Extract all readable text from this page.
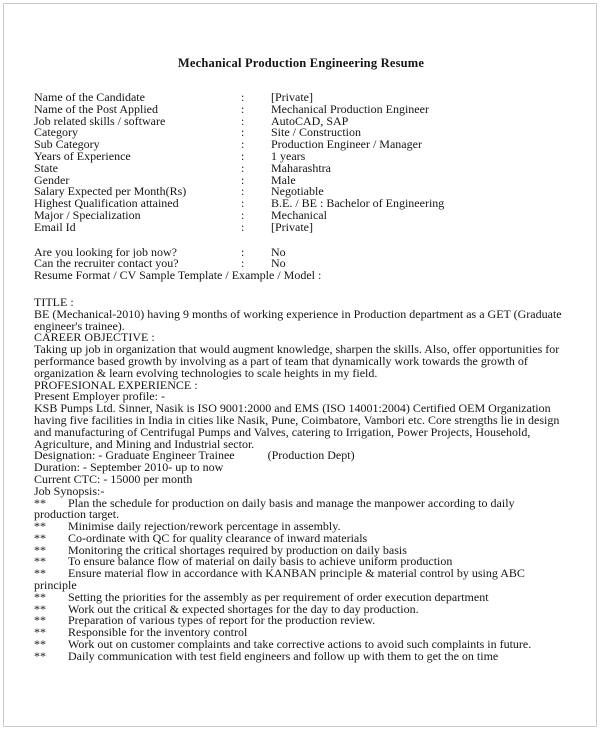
Mechanical Production Engineering Resume
Name of the Candidate	:	[Private]
Name of the Post Applied	:	Mechanical Production Engineer
Job related skills / software	:	AutoCAD, SAP
Category	:	Site / Construction
Sub Category	:	Production Engineer / Manager
Years of Experience	:	1 years
State	:	Maharashtra
Gender	:	Male
Salary Expected per Month(Rs)	:	Negotiable
Highest Qualification attained	:	B.E. / BE : Bachelor of Engineering
Major / Specialization	:	Mechanical
Email Id	:	[Private]
Are you looking for job now?	:	No
Can the recruiter contact you?	:	No
Resume Format / CV Sample Template / Example / Model :
TITLE :
BE (Mechanical-2010) having 9 months of working experience in Production department as a GET (Graduate engineer's trainee).
CAREER OBJECTIVE :
Taking up job in organization that would augment knowledge, sharpen the skills. Also, offer opportunities for performance based growth by involving as a part of team that dynamically work towards the growth of organization & learn evolving technologies to scale heights in my field.
PROFESIONAL EXPERIENCE :
Present Employer profile: -
KSB Pumps Ltd. Sinner, Nasik is ISO 9001:2000 and EMS (ISO 14001:2004) Certified OEM Organization having five facilities in India in cities like Nasik, Pune, Coimbatore, Vambori etc. Core strengths lie in design and manufacturing of Centrifugal Pumps and Valves, catering to Irrigation, Power Projects, Household, Agriculture, and Mining and Industrial sector.
Designation: - Graduate Engineer Trainee           (Production Dept)
Duration: - September 2010- up to now
Current CTC: - 15000 per month
Job Synopsis:-
** Plan the schedule for production on daily basis and manage the manpower according to daily production target.
** Minimise daily rejection/rework percentage in assembly.
** Co-ordinate with QC for quality clearance of inward materials
** Monitoring the critical shortages required by production on daily basis
** To ensure balance flow of material on daily basis to achieve uniform production
** Ensure material flow in accordance with KANBAN principle & material control by using ABC principle
** Setting the priorities for the assembly as per requirement of order execution department
** Work out the critical & expected shortages for the day to day production.
** Preparation of various types of report for the production review.
** Responsible for the inventory control
** Work out on customer complaints and take corrective actions to avoid such complaints in future.
** Daily communication with test field engineers and follow up with them to get the on time
